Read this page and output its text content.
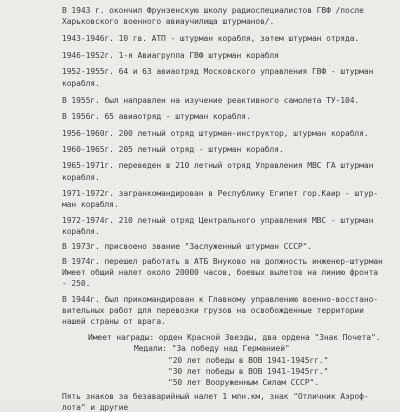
В 1943 г. окончил Фрунзенскую школу радиоспециалистов ГВФ /после
Харьковского военного авиаучилища штурманов/.
1943-1946г. 10 гв. АТП - штурман корабля, затем штурман отряда.
1946-1952г. 1-я Авиагруппа ГВФ штурман корабля
1952-1955г. 64 и 63 авиаотряд Московского управления ГВФ - штурман
корабля.
В 1955г. был направлен на изучение реактивного самолета ТУ-104.
В 1956г. 65 авиаотряд - штурман корабля.
1956-1960г. 200 летный отряд штурман-инструктор, штурман корабля.
1960-1965г. 205 летный отряд - штурман корабля.
1965-1971г. переведен в 210 летный отряд Управления МВС ГА штурман
корабля.
1971-1972г. загранкомандирован в Республику Египет гор.Каир - штур-
ман корабля.
1972-1974г. 210 летный отряд Центрального управления МВС - штурман
корабля.
В 1973г. присвоено звание "Заслуженный штурман СССР".
В 1974г. перешел работать в АТБ Внуково на должность инженер-штурман
Имеет общий налет около 20000 часов, боевых вылетов на линию фронта
- 250.
В 1944г. был прикомандирован к Главному управлению военно-восстано-
вительных работ для перевозки грузов на освобожденные территории
нашей страны от врага.
Имеет награды: орден Красной Звезды, два ордена "Знак Почета".
Медали: "За победу над Германией"
"20 лет победы в ВОВ 1941-1945гг."
"30 лет победы в ВОВ 1941-1945гг."
"50 лет Вооруженным Силам СССР".
Пять знаков за безаварийный налет 1 млн.км, знак "Отличник Аэроф-
лота" и другие
